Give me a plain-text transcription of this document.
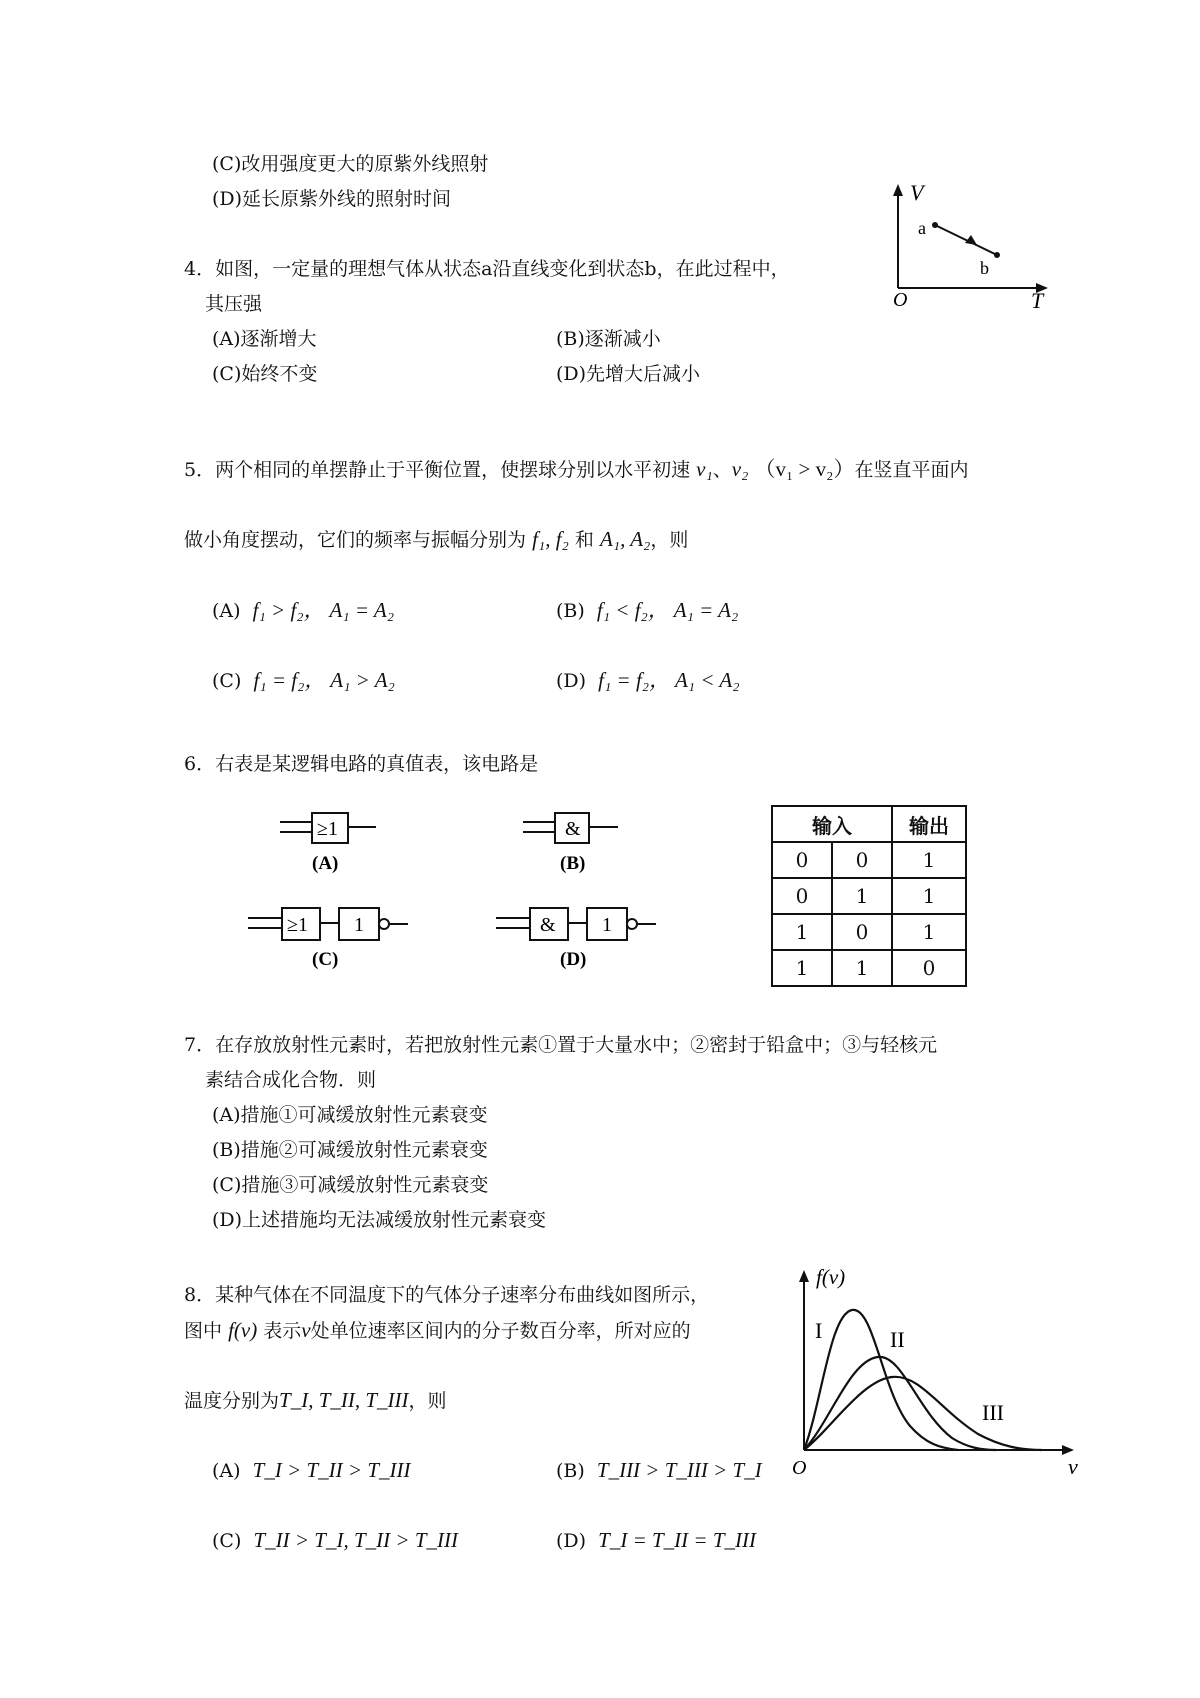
(C)改用强度更大的原紫外线照射
(D)延长原紫外线的照射时间
4．如图，一定量的理想气体从状态a沿直线变化到状态b，在此过程中，
其压强
(A)逐渐增大	(B)逐渐减小
(C)始终不变	(D)先增大后减小
V
T
O
a
b
5．两个相同的单摆静止于平衡位置，使摆球分别以水平初速 v₁、v₂ （v₁ > v₂）在竖直平面内
做小角度摆动，它们的频率与振幅分别为 f₁, f₂ 和 A₁, A₂，则
(A) f₁ > f₂， A₁ = A₂	(B) f₁ < f₂， A₁ = A₂
(C) f₁ = f₂， A₁ > A₂	(D) f₁ = f₂， A₁ < A₂
6．右表是某逻辑电路的真值表，该电路是
≥1
(A)
&
(B)
≥1 1
(C)
& 1
(D)
输入		输出
0	0	1
0	1	1
1	0	1
1	1	0
7．在存放放射性元素时，若把放射性元素①置于大量水中；②密封于铅盒中；③与轻核元
素结合成化合物．则
(A)措施①可减缓放射性元素衰变
(B)措施②可减缓放射性元素衰变
(C)措施③可减缓放射性元素衰变
(D)上述措施均无法减缓放射性元素衰变
8．某种气体在不同温度下的气体分子速率分布曲线如图所示，
图中 f(v) 表示v处单位速率区间内的分子数百分率，所对应的
温度分别为T_I, T_II, T_III，则
(A) T_I > T_II > T_III	(B) T_III > T_III > T_I
(C) T_II > T_I, T_II > T_III	(D) T_I = T_II = T_III
f(v)
v
O
I	II
III
